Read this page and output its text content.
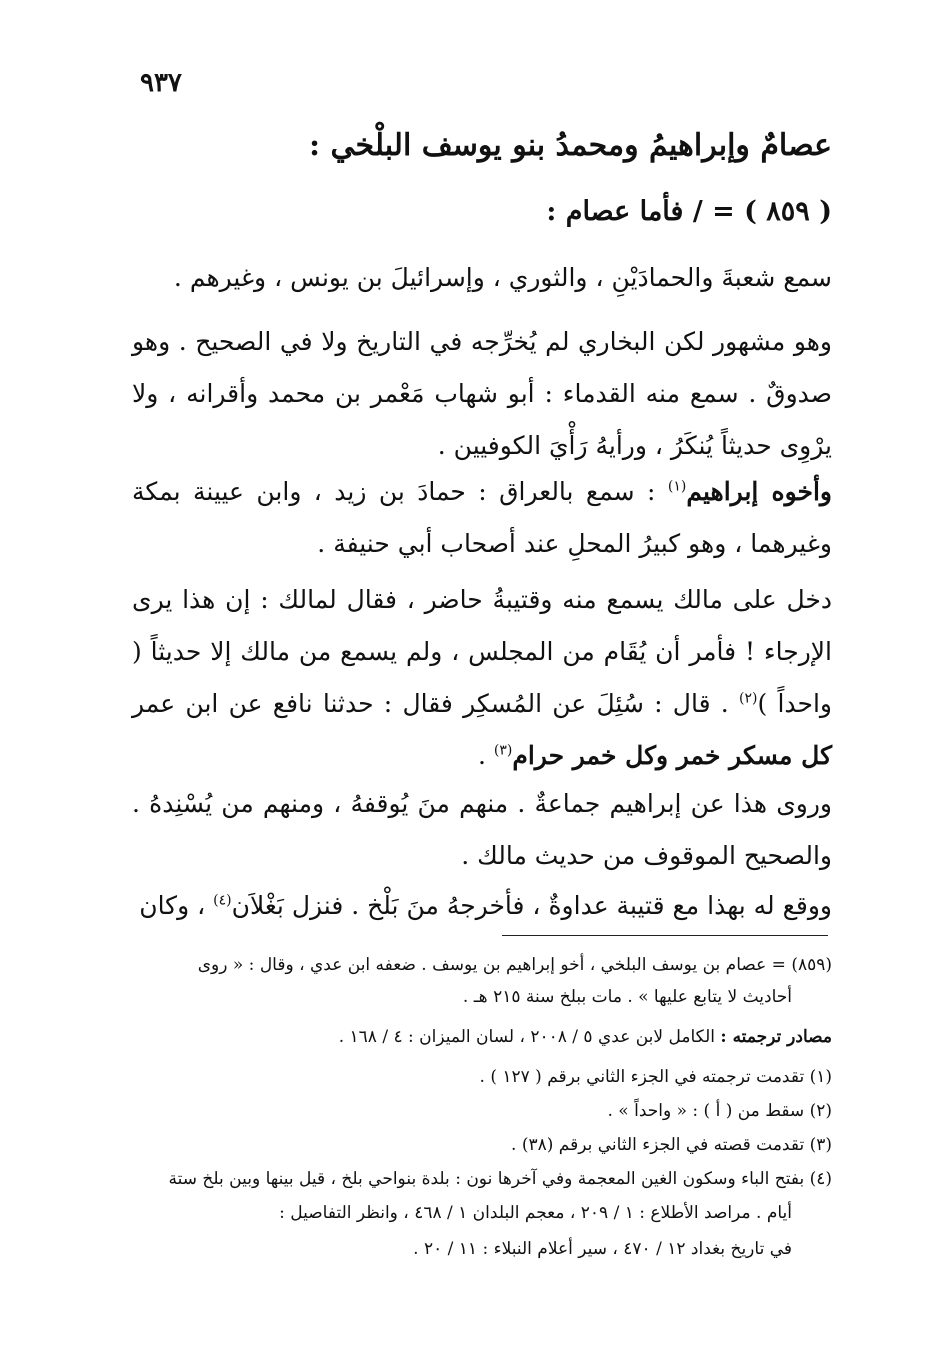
٩٣٧
عصامٌ وإبراهيمُ ومحمدُ بنو يوسف البلْخي :
( ٨٥٩ ) = / فأما عصام :
سمع شعبةَ والحمادَيْنِ ، والثوري ، وإسرائيلَ بن يونس ، وغيرهم .
وهو مشهور لكن البخاري لم يُخرِّجه في التاريخ ولا في الصحيح . وهو صدوقٌ . سمع منه القدماء : أبو شهاب مَعْمر بن محمد وأقرانه ، ولا يرْوِى حديثاً يُنكَرُ ، ورأيهُ رَأْيَ الكوفيين .
وأخوه إبراهيم$^{(١)}$ : سمع بالعراق : حمادَ بن زيد ، وابن عيينة بمكة وغيرهما ، وهو كبيرُ المحلِ عند أصحاب أبي حنيفة .
دخل على مالك يسمع منه وقتيبةُ حاضر ، فقال لمالك : إن هذا يرى الإرجاء ! فأمر أن يُقَام من المجلس ، ولم يسمع من مالك إلا حديثاً ( واحداً )$^{(٢)}$ . قال : سُئِلَ عن المُسكِر فقال : حدثنا نافع عن ابن عمر كل مسكر خمر وكل خمر حرام$^{(٣)}$ .
وروى هذا عن إبراهيم جماعةٌ . منهم منَ يُوقفهُ ، ومنهم من يُسْنِدهُ . والصحيح الموقوف من حديث مالك .
ووقع له بهذا مع قتيبة عداوةٌ ، فأخرجهُ منَ بَلْخ . فنزل بَغْلاَن$^{(٤)}$ ، وكان
(٨٥٩) = عصام بن يوسف البلخي ، أخو إبراهيم بن يوسف . ضعفه ابن عدي ، وقال : « روى
أحاديث لا يتابع عليها » . مات ببلخ سنة ٢١٥ هـ .
مصادر ترجمته : الكامل لابن عدي ٥ / ٢٠٠٨ ، لسان الميزان : ٤ / ١٦٨ .
(١) تقدمت ترجمته في الجزء الثاني برقم ( ١٢٧ ) .
(٢) سقط من ( أ ) : « واحداً » .
(٣) تقدمت قصته في الجزء الثاني برقم (٣٨) .
(٤) بفتح الباء وسكون الغين المعجمة وفي آخرها نون : بلدة بنواحي بلخ ، قيل بينها وبين بلخ ستة
أيام . مراصد الأطلاع : ١ / ٢٠٩ ، معجم البلدان ١ / ٤٦٨ ، وانظر التفاصيل :
في تاريخ بغداد ١٢ / ٤٧٠ ، سير أعلام النبلاء : ١١ / ٢٠ .
